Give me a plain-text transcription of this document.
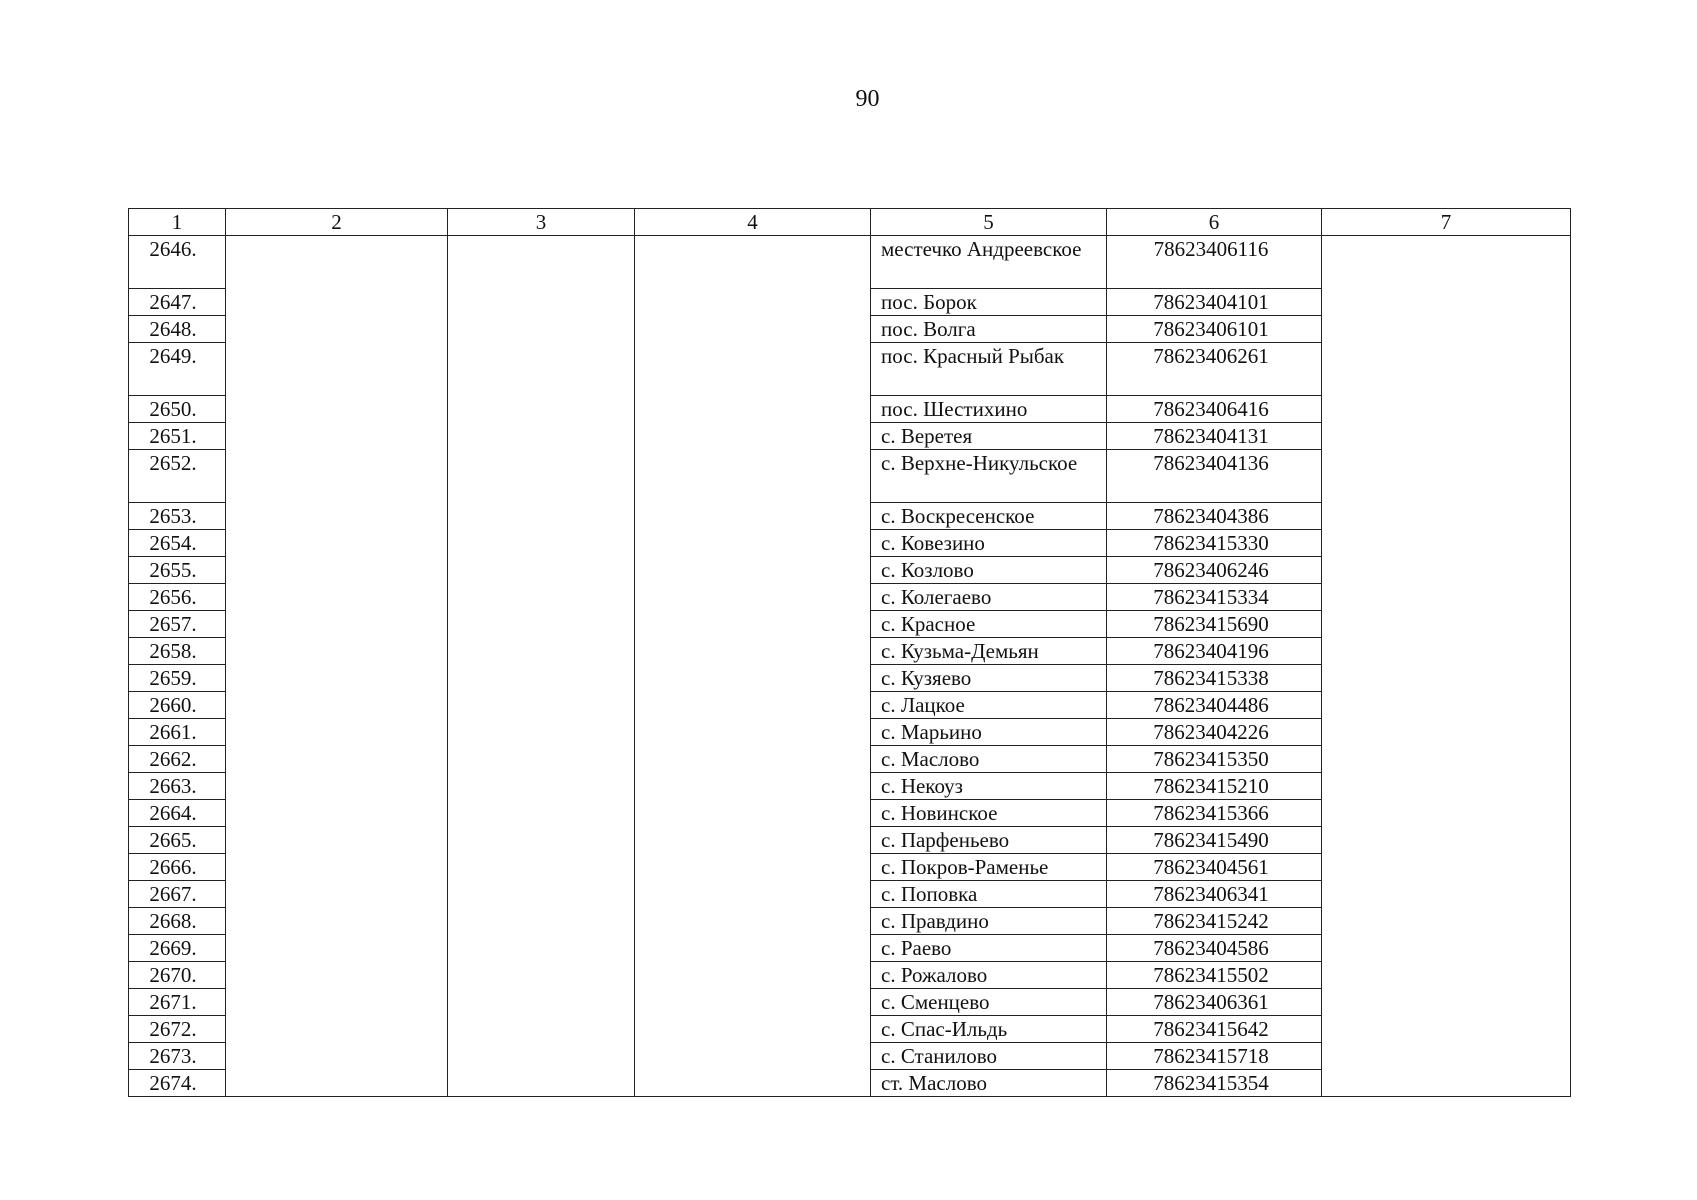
90
1	2	3	4	5	6	7
2646.				местечко Андреевское	78623406116	
2647.				пос. Борок	78623404101	
2648.				пос. Волга	78623406101	
2649.				пос. Красный Рыбак	78623406261	
2650.				пос. Шестихино	78623406416	
2651.				с. Веретея	78623404131	
2652.				с. Верхне-Никульское	78623404136	
2653.				с. Воскресенское	78623404386	
2654.				с. Ковезино	78623415330	
2655.				с. Козлово	78623406246	
2656.				с. Колегаево	78623415334	
2657.				с. Красное	78623415690	
2658.				с. Кузьма-Демьян	78623404196	
2659.				с. Кузяево	78623415338	
2660.				с. Лацкое	78623404486	
2661.				с. Марьино	78623404226	
2662.				с. Маслово	78623415350	
2663.				с. Некоуз	78623415210	
2664.				с. Новинское	78623415366	
2665.				с. Парфеньево	78623415490	
2666.				с. Покров-Раменье	78623404561	
2667.				с. Поповка	78623406341	
2668.				с. Правдино	78623415242	
2669.				с. Раево	78623404586	
2670.				с. Рожалово	78623415502	
2671.				с. Сменцево	78623406361	
2672.				с. Спас-Ильдь	78623415642	
2673.				с. Станилово	78623415718	
2674.				ст. Маслово	78623415354	
